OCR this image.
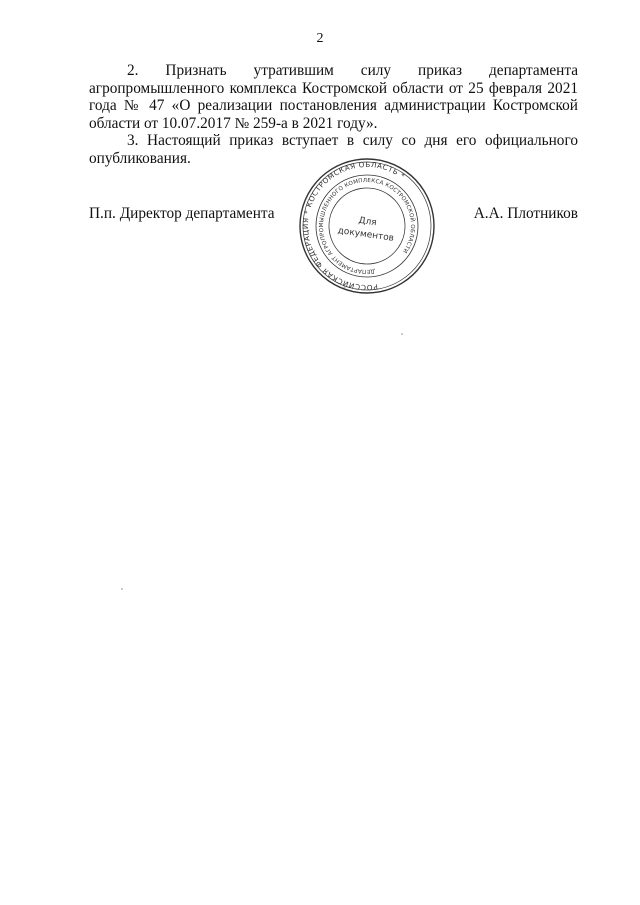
2

2. Признать утратившим силу приказ департамента агропромышленного комплекса Костромской области от 25 февраля 2021 года № 47 «О реализации постановления администрации Костромской области от 10.07.2017 № 259-а в 2021 году».

3. Настоящий приказ вступает в силу со дня его официального опубликования.

П.п. Директор департамента
РОССИЙСКАЯ ФЕДЕРАЦИЯ * КОСТРОМСКАЯ ОБЛАСТЬ *
ДЕПАРТАМЕНТ АГРОПРОМЫШЛЕННОГО КОМПЛЕКСА КОСТРОМСКОЙ ОБЛАСТИ
Для
документов
А.А. Плотников
